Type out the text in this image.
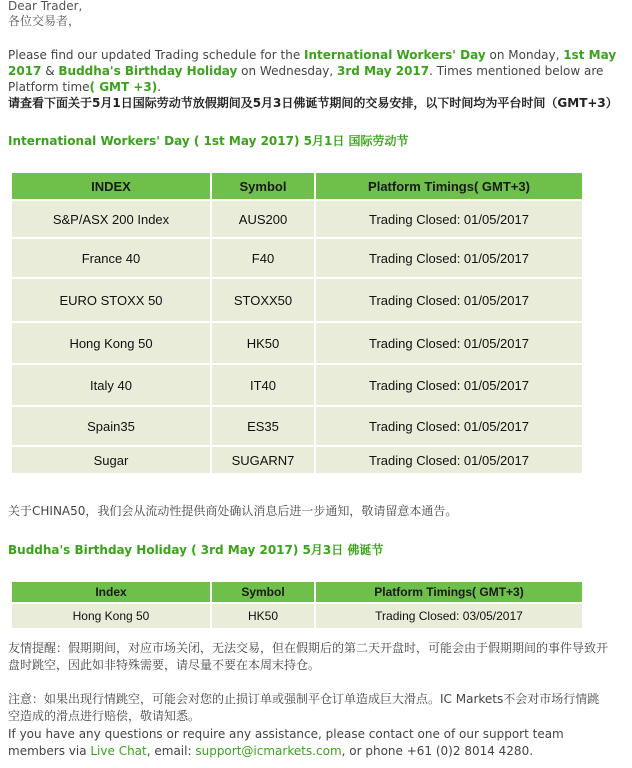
Dear Trader,
各位交易者，
Please find our updated Trading schedule for the International Workers' Day on Monday, 1st May 2017 & Buddha's Birthday Holiday on Wednesday, 3rd May 2017. Times mentioned below are Platform time( GMT +3).
请查看下面关于5月1日国际劳动节放假期间及5月3日佛诞节期间的交易安排，以下时间均为平台时间（GMT+3）
International Workers' Day ( 1st May 2017) 5月1日 国际劳动节
INDEX	Symbol	Platform Timings( GMT+3)
S&P/ASX 200 Index	AUS200	Trading Closed: 01/05/2017
France 40	F40	Trading Closed: 01/05/2017
EURO STOXX 50	STOXX50	Trading Closed: 01/05/2017
Hong Kong 50	HK50	Trading Closed: 01/05/2017
Italy 40	IT40	Trading Closed: 01/05/2017
Spain35	ES35	Trading Closed: 01/05/2017
Sugar	SUGARN7	Trading Closed: 01/05/2017
关于CHINA50，我们会从流动性提供商处确认消息后进一步通知，敬请留意本通告。
Buddha's Birthday Holiday ( 3rd May 2017) 5月3日 佛诞节
Index	Symbol	Platform Timings( GMT+3)
Hong Kong 50	HK50	Trading Closed: 03/05/2017
友情提醒：假期期间，对应市场关闭，无法交易，但在假期后的第二天开盘时，可能会由于假期期间的事件导致开盘时跳空，因此如非特殊需要，请尽量不要在本周末持仓。
注意：如果出现行情跳空，可能会对您的止损订单或强制平仓订单造成巨大滑点。IC Markets不会对市场行情跳空造成的滑点进行赔偿，敬请知悉。
If you have any questions or require any assistance, please contact one of our support team members via Live Chat, email: support@icmarkets.com, or phone +61 (0)2 8014 4280.
